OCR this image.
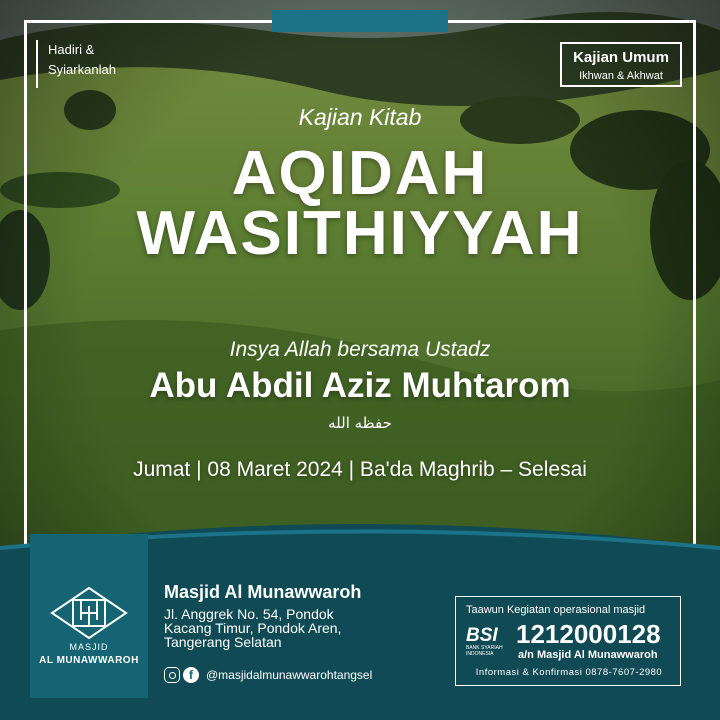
Hadiri &
Syiarkanlah
Kajian Umum
Ikhwan & Akhwat
Kajian Kitab
AQIDAH
WASITHIYYAH
Insya Allah bersama Ustadz
Abu Abdil Aziz Muhtarom
حفظه الله
Jumat | 08 Maret 2024 | Ba'da Maghrib – Selesai
MASJID
AL MUNAWWAROH
Masjid Al Munawwaroh
Jl. Anggrek No. 54, Pondok
Kacang Timur, Pondok Aren,
Tangerang Selatan
f	@masjidalmunawwarohtangsel
Taawun Kegiatan operasional masjid
BSI
BANK SYARIAH INDONESIA
1212000128
a/n Masjid Al Munawwaroh
Informasi & Konfirmasi 0878-7607-2980
